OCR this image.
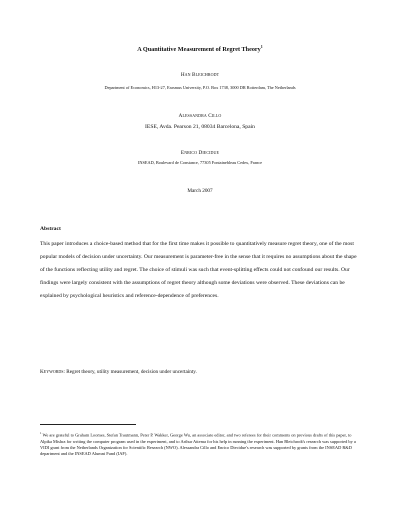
A Quantitative Measurement of Regret Theory$^1$
Han Bleichrodt
Department of Economics, H13-27, Erasmus University, P.O. Box 1738, 3000 DR Rotterdam, The Netherlands
Alessandra Cillo
IESE, Avda. Pearson 21, 08034 Barcelona, Spain
Enrico Diecidue
INSEAD, Boulevard de Constance, 77305 Fontainebleau Cedex, France
March 2007
Abstract

This paper introduces a choice-based method that for the first time makes it possible to quantitatively measure regret theory, one of the most popular models of decision under uncertainty. Our measurement is parameter-free in the sense that it requires no assumptions about the shape of the functions reflecting utility and regret. The choice of stimuli was such that event-splitting effects could not confound our results. Our findings were largely consistent with the assumptions of regret theory although some deviations were observed. These deviations can be explained by psychological heuristics and reference-dependence of preferences.

Keywords: Regret theory, utility measurement, decision under uncertainty.

$^1$ We are grateful to Graham Loomes, Stefan Trautmann, Peter P. Wakker, George Wu, an associate editor, and two referees for their comments on previous drafts of this paper, to Alpika Mishra for writing the computer program used in the experiment, and to Arthur Attema for his help in running the experiment. Han Bleichrodt's research was supported by a VIDI grant from the Netherlands Organization for Scientific Research (NWO). Alessandra Cillo and Enrico Diecidue's research was supported by grants from the INSEAD R&D department and the INSEAD Alumni Fund (IAF).
